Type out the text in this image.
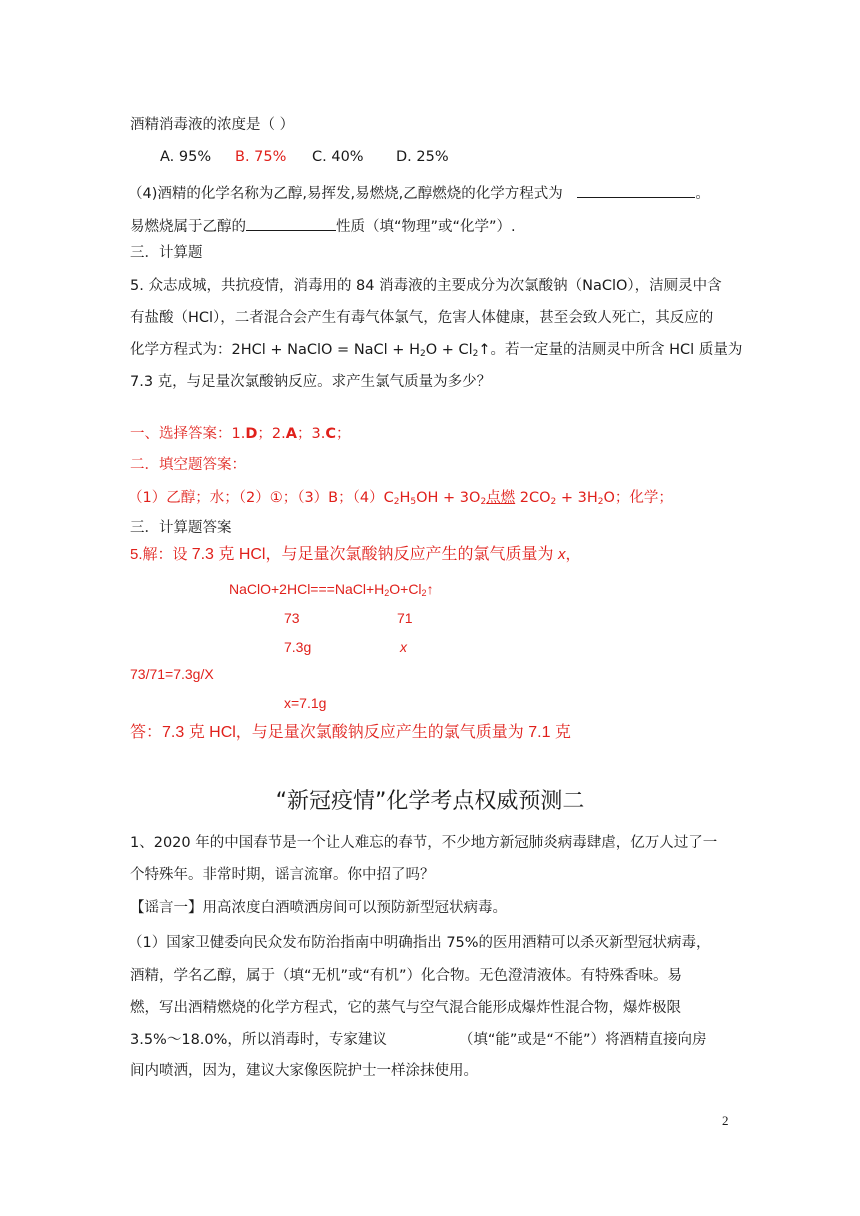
酒精消毒液的浓度是（ ）
A. 95% B. 75% C. 40% D. 25%
（4)酒精的化学名称为乙醇,易挥发,易燃烧,乙醇燃烧的化学方程式为	。
易燃烧属于乙醇的	性质（填“物理”或“化学”）.
三．计算题
5. 众志成城，共抗疫情，消毒用的 84 消毒液的主要成分为次氯酸钠（NaClO），洁厕灵中含
有盐酸（HCl），二者混合会产生有毒气体氯气，危害人体健康，甚至会致人死亡，其反应的
化学方程式为：2HCl + NaClO = NaCl + $H_2O$ + $Cl_2↑$。若一定量的洁厕灵中所含 HCl 质量为
7.3 克，与足量次氯酸钠反应。求产生氯气质量为多少？
一、选择答案：1.D；2.A；3.C；
二．填空题答案：
（1）乙醇；水；（2）①；（3）B；$(4)C_2H_5OH + 3O_2$点燃 $2CO_2 + 3H_2O$；化学；
三．计算题答案
5.解：设 7.3 克 HCl，与足量次氯酸钠反应产生的氯气质量为 x，
$NaClO+2HCl===NaCl+H_2O+Cl_2↑$
73	71
7.3g	x
73/71=7.3g/X
x=7.1g
答：7.3 克 HCl，与足量次氯酸钠反应产生的氯气质量为 7.1 克
“新冠疫情”化学考点权威预测二
1、2020 年的中国春节是一个让人难忘的春节，不少地方新冠肺炎病毒肆虐，亿万人过了一
个特殊年。非常时期，谣言流窜。你中招了吗？
【谣言一】用高浓度白酒喷洒房间可以预防新型冠状病毒。
（1）国家卫健委向民众发布防治指南中明确指出 75%的医用酒精可以杀灭新型冠状病毒，
酒精，学名乙醇，属于（填“无机”或“有机”）化合物。无色澄清液体。有特殊香味。易
燃，写出酒精燃烧的化学方程式，它的蒸气与空气混合能形成爆炸性混合物，爆炸极限
3.5%～18.0%，所以消毒时，专家建议	（填“能”或是“不能”）将酒精直接向房
间内喷洒，因为，建议大家像医院护士一样涂抹使用。
2
